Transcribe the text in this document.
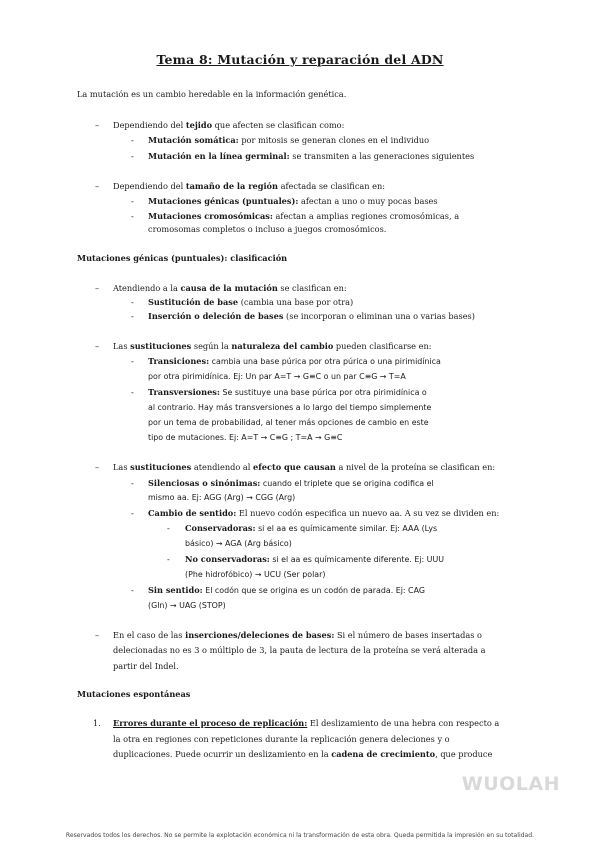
Tema 8: Mutación y reparación del ADN
La mutación es un cambio heredable en la información genética.
– Dependiendo del tejido que afecten se clasifican como:
- Mutación somática: por mitosis se generan clones en el individuo
- Mutación en la línea germinal: se transmiten a las generaciones siguientes
– Dependiendo del tamaño de la región afectada se clasifican en:
- Mutaciones génicas (puntuales): afectan a uno o muy pocas bases
- Mutaciones cromosómicas: afectan a amplias regiones cromosómicas, a
cromosomas completos o incluso a juegos cromosómicos.
Mutaciones génicas (puntuales): clasificación
– Atendiendo a la causa de la mutación se clasifican en:
- Sustitución de base (cambia una base por otra)
- Inserción o deleción de bases (se incorporan o eliminan una o varias bases)
– Las sustituciones según la naturaleza del cambio pueden clasificarse en:
- Transiciones: cambia una base púrica por otra púrica o una pirimidínica
por otra pirimidínica. Ej: Un par A=T → G≡C o un par C≡G → T=A
- Transversiones: Se sustituye una base púrica por otra pirimidínica o
al contrario. Hay más transversiones a lo largo del tiempo simplemente
por un tema de probabilidad, al tener más opciones de cambio en este
tipo de mutaciones. Ej: A=T → C≡G ; T=A → G≡C
– Las sustituciones atendiendo al efecto que causan a nivel de la proteína se clasifican en:
- Silenciosas o sinónimas: cuando el triplete que se origina codifica el
mismo aa. Ej: AGG (Arg) → CGG (Arg)
- Cambio de sentido: El nuevo codón especifica un nuevo aa. A su vez se dividen en:
- Conservadoras: si el aa es químicamente similar. Ej: AAA (Lys
básico) → AGA (Arg básico)
- No conservadoras: si el aa es químicamente diferente. Ej: UUU
(Phe hidrofóbico) → UCU (Ser polar)
- Sin sentido: El codón que se origina es un codón de parada. Ej: CAG
(Gln) → UAG (STOP)
– En el caso de las inserciones/deleciones de bases: Si el número de bases insertadas o
delecionadas no es 3 o múltiplo de 3, la pauta de lectura de la proteína se verá alterada a
partir del Indel.
Mutaciones espontáneas
1. Errores durante el proceso de replicación: El deslizamiento de una hebra con respecto a
la otra en regiones con repeticiones durante la replicación genera deleciones y o
duplicaciones. Puede ocurrir un deslizamiento en la cadena de crecimiento, que produce
WUOLAH
Reservados todos los derechos. No se permite la explotación económica ni la transformación de esta obra. Queda permitida la impresión en su totalidad.
